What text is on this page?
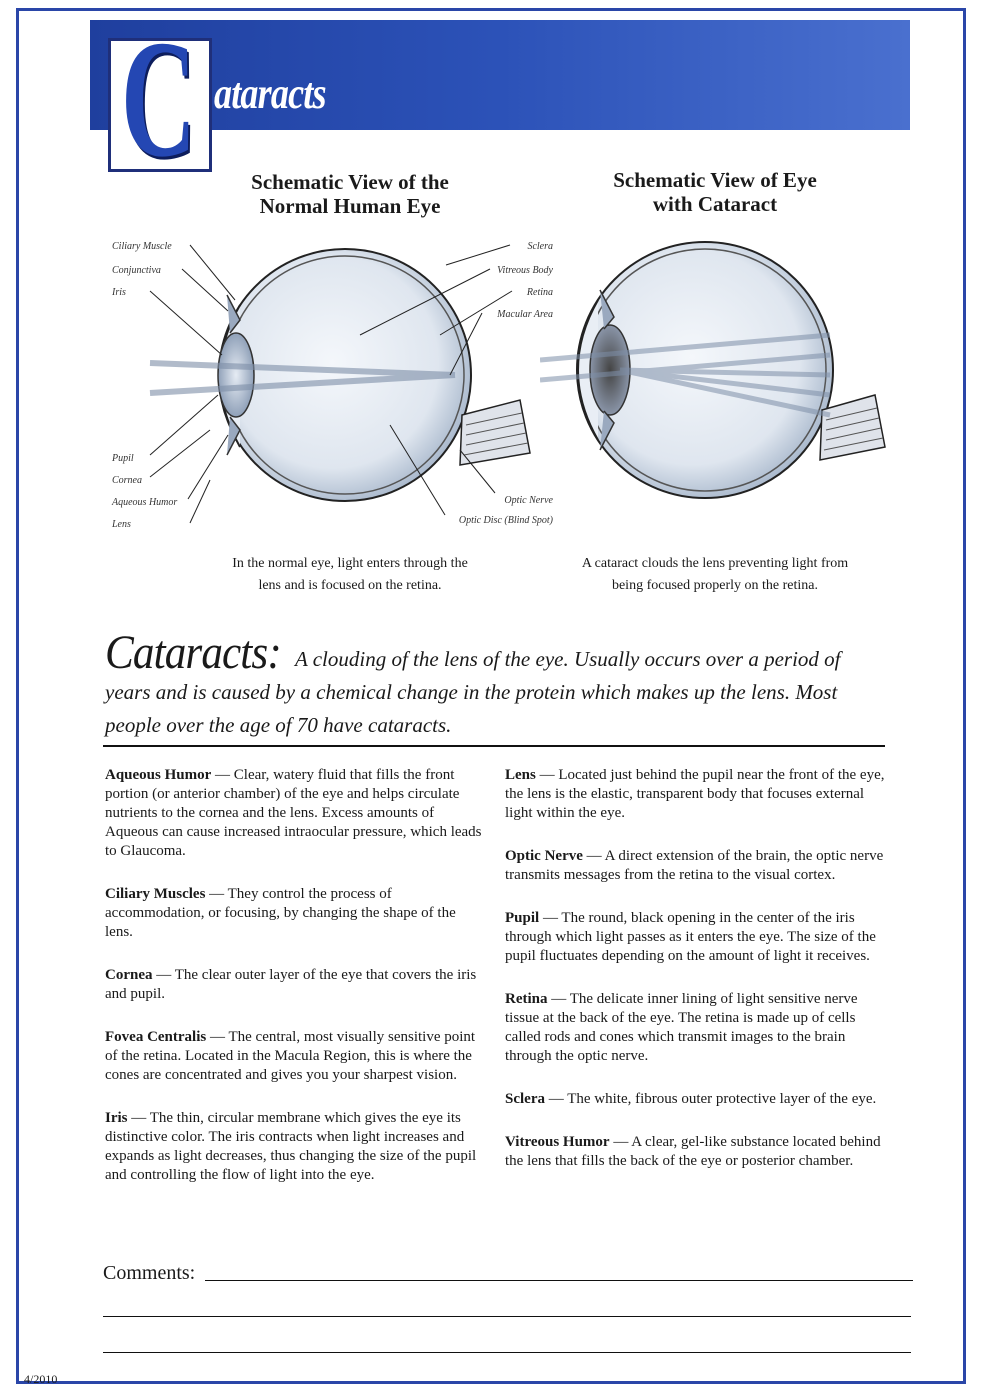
C ataracts
Schematic View of the
Normal Human Eye
Schematic View of Eye
with Cataract
Ciliary Muscle
Conjunctiva
Iris
Pupil
Cornea
Aqueous Humor
Lens
Sclera
Vitreous Body
Retina
Macular Area
Optic Nerve
Optic Disc (Blind Spot)
In the normal eye, light enters through the
lens and is focused on the retina.
A cataract clouds the lens preventing light from
being focused properly on the retina.
Cataracts: A clouding of the lens of the eye. Usually occurs over a period of
years and is caused by a chemical change in the protein which makes up the lens. Most
people over the age of 70 have cataracts.

Aqueous Humor — Clear, watery fluid that fills the front portion (or anterior chamber) of the eye and helps circulate nutrients to the cornea and the lens. Excess amounts of Aqueous can cause increased intraocular pressure, which leads to Glaucoma.

Ciliary Muscles — They control the process of accommodation, or focusing, by changing the shape of the lens.

Cornea — The clear outer layer of the eye that covers the iris and pupil.

Fovea Centralis — The central, most visually sensitive point of the retina. Located in the Macula Region, this is where the cones are concentrated and gives you your sharpest vision.

Iris — The thin, circular membrane which gives the eye its distinctive color. The iris contracts when light increases and expands as light decreases, thus changing the size of the pupil and controlling the flow of light into the eye.

Lens — Located just behind the pupil near the front of the eye, the lens is the elastic, transparent body that focuses external light within the eye.

Optic Nerve — A direct extension of the brain, the optic nerve transmits messages from the retina to the visual cortex.

Pupil — The round, black opening in the center of the iris through which light passes as it enters the eye. The size of the pupil fluctuates depending on the amount of light it receives.

Retina — The delicate inner lining of light sensitive nerve tissue at the back of the eye. The retina is made up of cells called rods and cones which transmit images to the brain through the optic nerve.

Sclera — The white, fibrous outer protective layer of the eye.

Vitreous Humor — A clear, gel-like substance located behind the lens that fills the back of the eye or posterior chamber.

Comments:
4/2010
